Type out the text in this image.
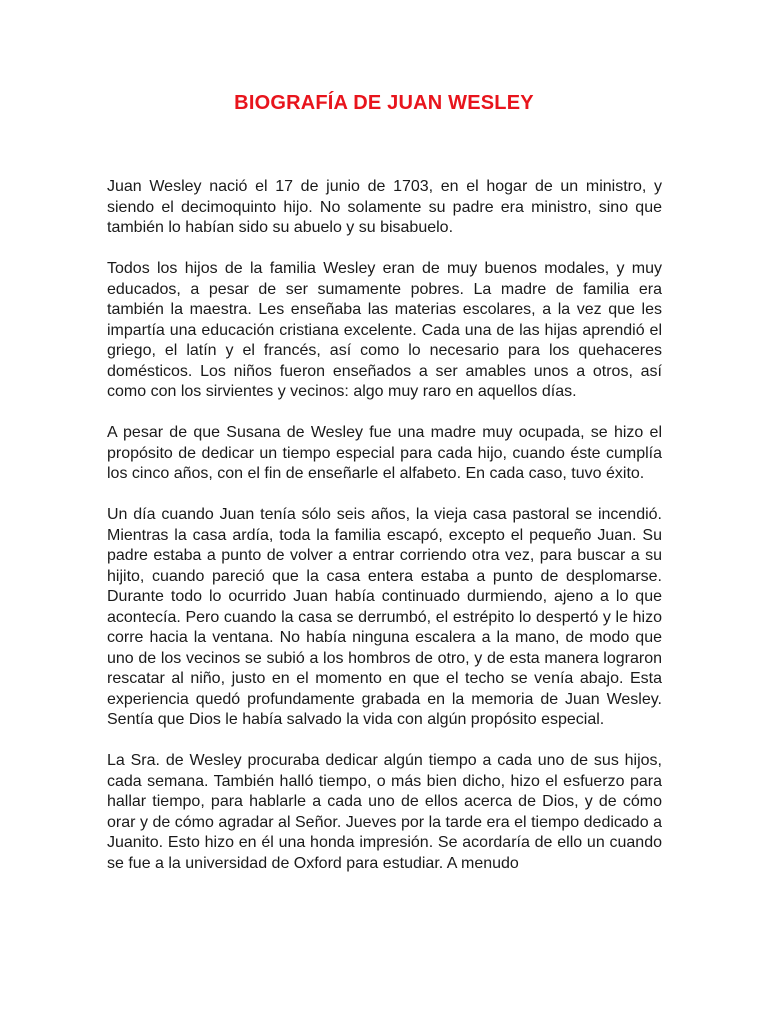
BIOGRAFÍA DE JUAN WESLEY

Juan Wesley nació el 17 de junio de 1703, en el hogar de un ministro, y siendo el decimoquinto hijo. No solamente su padre era ministro, sino que también lo habían sido su abuelo y su bisabuelo.

Todos los hijos de la familia Wesley eran de muy buenos modales, y muy educados, a pesar de ser sumamente pobres. La madre de familia era también la maestra. Les enseñaba las materias escolares, a la vez que les impartía una educación cristiana excelente. Cada una de las hijas aprendió el griego, el latín y el francés, así como lo necesario para los quehaceres domésticos. Los niños fueron enseñados a ser amables unos a otros, así como con los sirvientes y vecinos: algo muy raro en aquellos días.

A pesar de que Susana de Wesley fue una madre muy ocupada, se hizo el propósito de dedicar un tiempo especial para cada hijo, cuando éste cumplía los cinco años, con el fin de enseñarle el alfabeto. En cada caso, tuvo éxito.

Un día cuando Juan tenía sólo seis años, la vieja casa pastoral se incendió. Mientras la casa ardía, toda la familia escapó, excepto el pequeño Juan. Su padre estaba a punto de volver a entrar corriendo otra vez, para buscar a su hijito, cuando pareció que la casa entera estaba a punto de desplomarse. Durante todo lo ocurrido Juan había continuado durmiendo, ajeno a lo que acontecía. Pero cuando la casa se derrumbó, el estrépito lo despertó y le hizo corre hacia la ventana. No había ninguna escalera a la mano, de modo que uno de los vecinos se subió a los hombros de otro, y de esta manera lograron rescatar al niño, justo en el momento en que el techo se venía abajo. Esta experiencia quedó profundamente grabada en la memoria de Juan Wesley. Sentía que Dios le había salvado la vida con algún propósito especial.

La Sra. de Wesley procuraba dedicar algún tiempo a cada uno de sus hijos, cada semana. También halló tiempo, o más bien dicho, hizo el esfuerzo para hallar tiempo, para hablarle a cada uno de ellos acerca de Dios, y de cómo orar y de cómo agradar al Señor. Jueves por la tarde era el tiempo dedicado a Juanito. Esto hizo en él una honda impresión. Se acordaría de ello un cuando se fue a la universidad de Oxford para estudiar. A menudo
